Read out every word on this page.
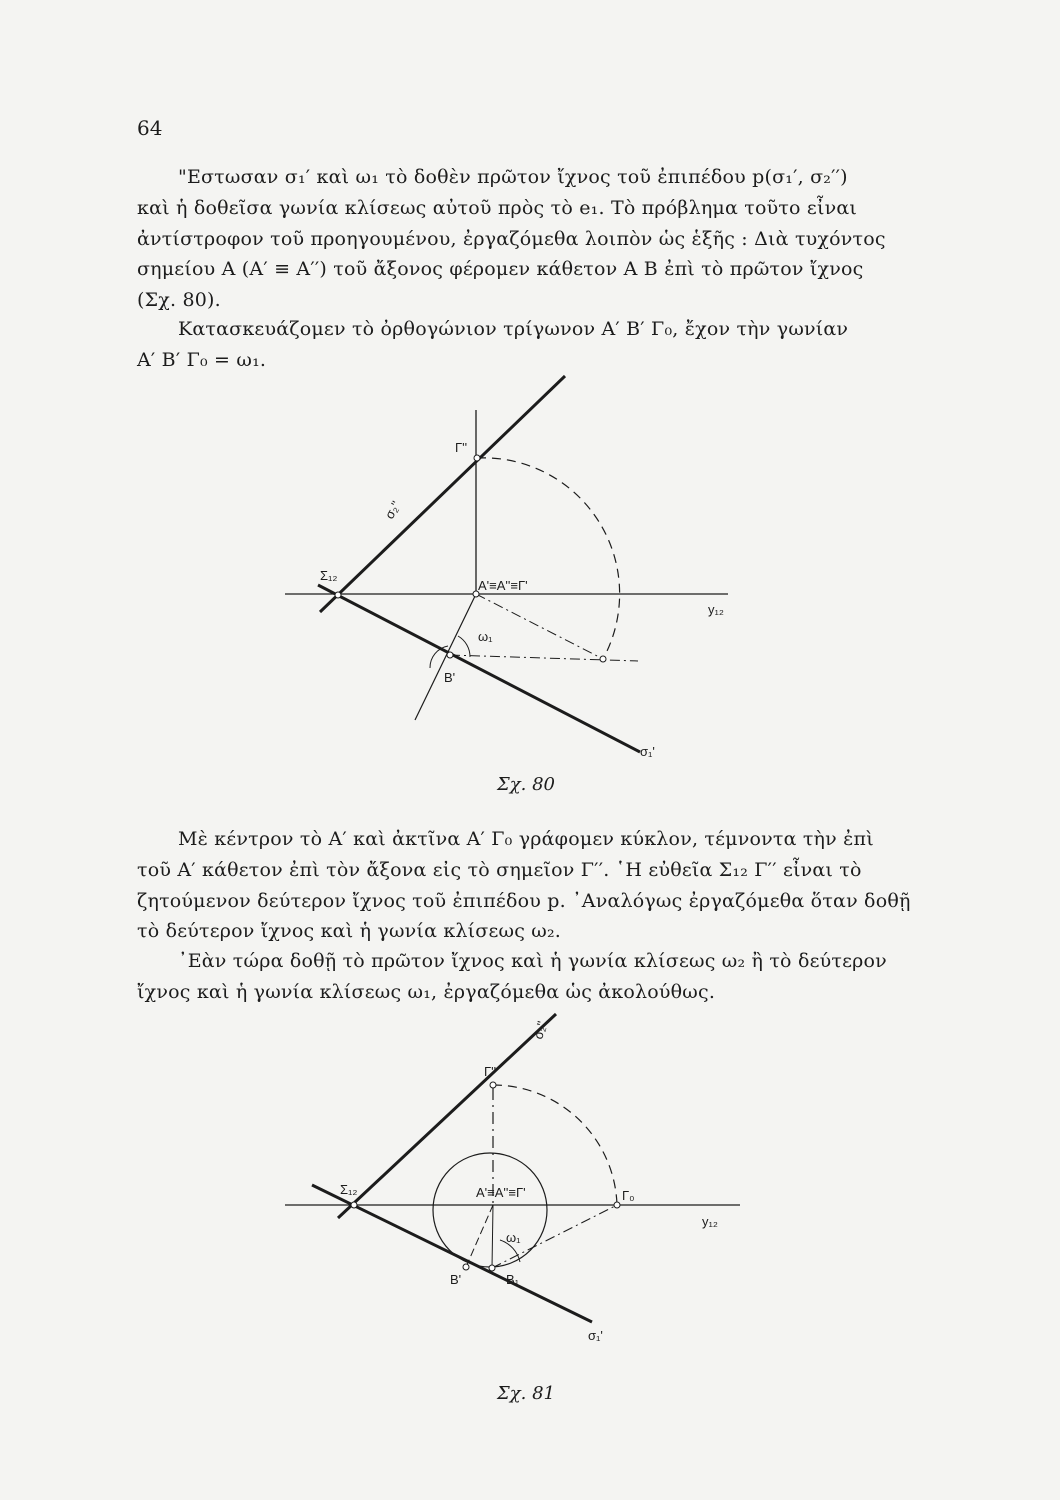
64
"Εστωσαν σ₁′ καὶ ω₁ τὸ δοθὲν πρῶτον ἴχνος τοῦ ἐπιπέδου p(σ₁′, σ₂′′)
καὶ ἡ δοθεῖσα γωνία κλίσεως αὐτοῦ πρὸς τὸ e₁. Τὸ πρόβλημα τοῦτο εἶναι
ἀντίστροφον τοῦ προηγουμένου, ἐργαζόμεθα λοιπὸν ὡς ἑξῆς : Διὰ τυχόντος
σημείου A (A′ ≡ A′′) τοῦ ἄξονος φέρομεν κάθετον A B ἐπὶ τὸ πρῶτον ἴχνος
(Σχ. 80).
Κατασκευάζομεν τὸ ὀρθογώνιον τρίγωνον A′ B′ Γ₀, ἔχον τὴν γωνίαν
A′ B′ Γ₀ = ω₁.
Γ''
σ₂''
Σ₁₂
A'≡A''≡Γ'
y₁₂
ω₁
B'
σ₁'
σ₂''
Γ''
Σ₁₂	A'≡A''≡Γ'	Γ₀
y₁₂
ω₁
B'	B₁
σ₁'
Σχ. 80
Μὲ κέντρον τὸ A′ καὶ ἀκτῖνα A′ Γ₀ γράφομεν κύκλον, τέμνοντα τὴν ἐπὶ
τοῦ A′ κάθετον ἐπὶ τὸν ἄξονα εἰς τὸ σημεῖον Γ′′. ῾Η εὐθεῖα Σ₁₂ Γ′′ εἶναι τὸ
ζητούμενον δεύτερον ἴχνος τοῦ ἐπιπέδου p. ᾿Αναλόγως ἐργαζόμεθα ὅταν δοθῇ
τὸ δεύτερον ἴχνος καὶ ἡ γωνία κλίσεως ω₂.
᾿Εὰν τώρα δοθῇ τὸ πρῶτον ἴχνος καὶ ἡ γωνία κλίσεως ω₂ ἢ τὸ δεύτερον
ἴχνος καὶ ἡ γωνία κλίσεως ω₁, ἐργαζόμεθα ὡς ἀκολούθως.
Σχ. 81
